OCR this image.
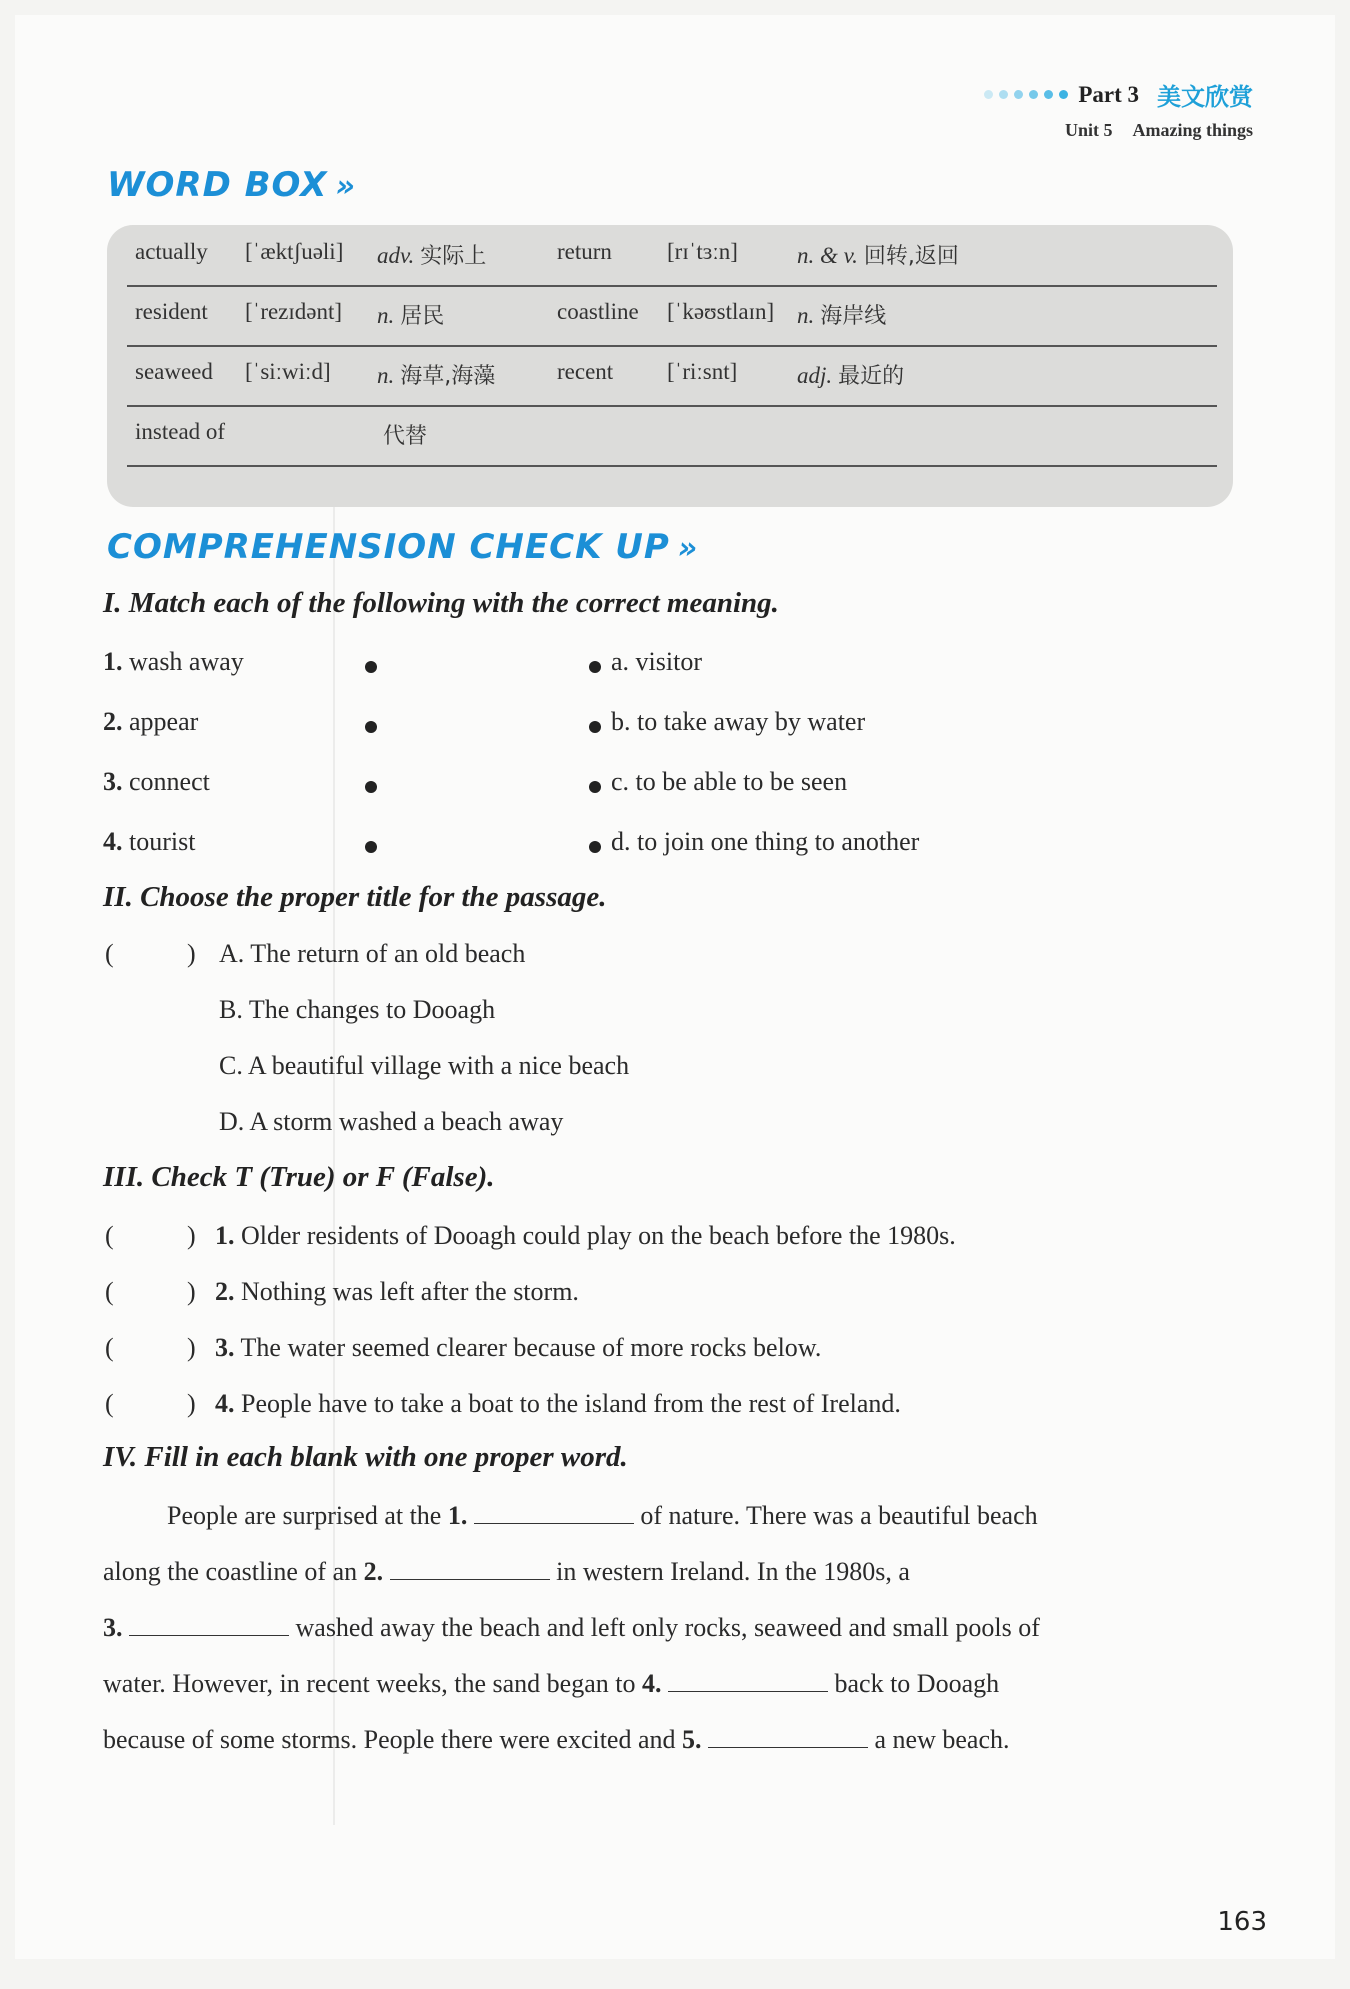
Part 3 美文欣赏
Unit 5 Amazing things
WORD BOX »
actually [ˈæktʃuəli] adv. 实际上	return [rɪˈtɜːn]	n. & v. 回转,返回
resident [ˈrezɪdənt] n. 居民	coastline [ˈkəʊstlaɪn] n. 海岸线
seaweed [ˈsiːwiːd] n. 海草,海藻	recent [ˈriːsnt]	adj. 最近的
instead of	代替
COMPREHENSION CHECK UP »
I. Match each of the following with the correct meaning.
1. wash away
2. appear
3. connect
4. tourist
a. visitor
b. to take away by water
c. to be able to be seen
d. to join one thing to another
II. Choose the proper title for the passage.
(	) A. The return of an old beach
B. The changes to Dooagh
C. A beautiful village with a nice beach
D. A storm washed a beach away
III. Check T (True) or F (False).
(	) 1. Older residents of Dooagh could play on the beach before the 1980s.
(	) 2. Nothing was left after the storm.
(	) 3. The water seemed clearer because of more rocks below.
(	) 4. People have to take a boat to the island from the rest of Ireland.
IV. Fill in each blank with one proper word.
People are surprised at the 1.	of nature. There was a beautiful beach
along the coastline of an 2.	in western Ireland. In the 1980s, a
3.	washed away the beach and left only rocks, seaweed and small pools of
water. However, in recent weeks, the sand began to 4.	back to Dooagh
because of some storms. People there were excited and 5.	a new beach.
163
